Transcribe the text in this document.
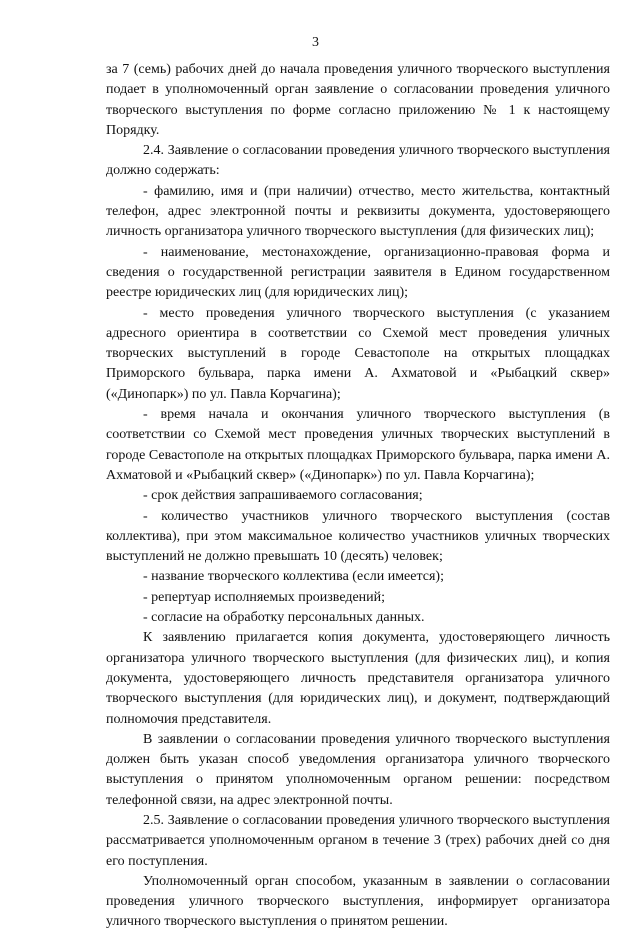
3

за 7 (семь) рабочих дней до начала проведения уличного творческого выступления подает в уполномоченный орган заявление о согласовании проведения уличного творческого выступления по форме согласно приложению № 1 к настоящему Порядку.

2.4. Заявление о согласовании проведения уличного творческого выступления должно содержать:

- фамилию, имя и (при наличии) отчество, место жительства, контактный телефон, адрес электронной почты и реквизиты документа, удостоверяющего личность организатора уличного творческого выступления (для физических лиц);

- наименование, местонахождение, организационно-правовая форма и сведения о государственной регистрации заявителя в Едином государственном реестре юридических лиц (для юридических лиц);

- место проведения уличного творческого выступления (с указанием адресного ориентира в соответствии со Схемой мест проведения уличных творческих выступлений в городе Севастополе на открытых площадках Приморского бульвара, парка имени А. Ахматовой и «Рыбацкий сквер» («Динопарк») по ул. Павла Корчагина);

- время начала и окончания уличного творческого выступления (в соответствии со Схемой мест проведения уличных творческих выступлений в городе Севастополе на открытых площадках Приморского бульвара, парка имени А. Ахматовой и «Рыбацкий сквер» («Динопарк») по ул. Павла Корчагина);

- срок действия запрашиваемого согласования;

- количество участников уличного творческого выступления (состав коллектива), при этом максимальное количество участников уличных творческих выступлений не должно превышать 10 (десять) человек;

- название творческого коллектива (если имеется);

- репертуар исполняемых произведений;

- согласие на обработку персональных данных.

К заявлению прилагается копия документа, удостоверяющего личность организатора уличного творческого выступления (для физических лиц), и копия документа, удостоверяющего личность представителя организатора уличного творческого выступления (для юридических лиц), и документ, подтверждающий полномочия представителя.

В заявлении о согласовании проведения уличного творческого выступления должен быть указан способ уведомления организатора уличного творческого выступления о принятом уполномоченным органом решении: посредством телефонной связи, на адрес электронной почты.

2.5. Заявление о согласовании проведения уличного творческого выступления рассматривается уполномоченным органом в течение 3 (трех) рабочих дней со дня его поступления.

Уполномоченный орган способом, указанным в заявлении о согласовании проведения уличного творческого выступления, информирует организатора уличного творческого выступления о принятом решении.
